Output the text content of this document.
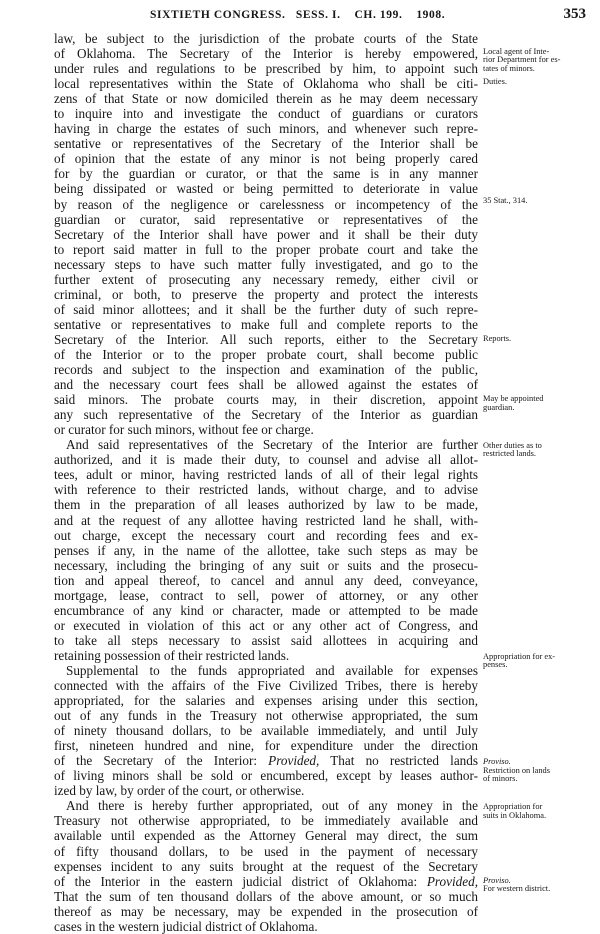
SIXTIETH CONGRESS.   SESS. I.    CH. 199.    1908.	353
law, be subject to the jurisdiction of the probate courts of the State
of Oklahoma. The Secretary of the Interior is hereby empowered,
under rules and regulations to be prescribed by him, to appoint such
local representatives within the State of Oklahoma who shall be citi-
zens of that State or now domiciled therein as he may deem necessary
to inquire into and investigate the conduct of guardians or curators
having in charge the estates of such minors, and whenever such repre-
sentative or representatives of the Secretary of the Interior shall be
of opinion that the estate of any minor is not being properly cared
for by the guardian or curator, or that the same is in any manner
being dissipated or wasted or being permitted to deteriorate in value
by reason of the negligence or carelessness or incompetency of the
guardian or curator, said representative or representatives of the
Secretary of the Interior shall have power and it shall be their duty
to report said matter in full to the proper probate court and take the
necessary steps to have such matter fully investigated, and go to the
further extent of prosecuting any necessary remedy, either civil or
criminal, or both, to preserve the property and protect the interests
of said minor allottees; and it shall be the further duty of such repre-
sentative or representatives to make full and complete reports to the
Secretary of the Interior. All such reports, either to the Secretary
of the Interior or to the proper probate court, shall become public
records and subject to the inspection and examination of the public,
and the necessary court fees shall be allowed against the estates of
said minors. The probate courts may, in their discretion, appoint
any such representative of the Secretary of the Interior as guardian
or curator for such minors, without fee or charge.
And said representatives of the Secretary of the Interior are further
authorized, and it is made their duty, to counsel and advise all allot-
tees, adult or minor, having restricted lands of all of their legal rights
with reference to their restricted lands, without charge, and to advise
them in the preparation of all leases authorized by law to be made,
and at the request of any allottee having restricted land he shall, with-
out charge, except the necessary court and recording fees and ex-
penses if any, in the name of the allottee, take such steps as may be
necessary, including the bringing of any suit or suits and the prosecu-
tion and appeal thereof, to cancel and annul any deed, conveyance,
mortgage, lease, contract to sell, power of attorney, or any other
encumbrance of any kind or character, made or attempted to be made
or executed in violation of this act or any other act of Congress, and
to take all steps necessary to assist said allottees in acquiring and
retaining possession of their restricted lands.
Supplemental to the funds appropriated and available for expenses
connected with the affairs of the Five Civilized Tribes, there is hereby
appropriated, for the salaries and expenses arising under this section,
out of any funds in the Treasury not otherwise appropriated, the sum
of ninety thousand dollars, to be available immediately, and until July
first, nineteen hundred and nine, for expenditure under the direction
of the Secretary of the Interior: Provided, That no restricted lands
of living minors shall be sold or encumbered, except by leases author-
ized by law, by order of the court, or otherwise.
And there is hereby further appropriated, out of any money in the
Treasury not otherwise appropriated, to be immediately available and
available until expended as the Attorney General may direct, the sum
of fifty thousand dollars, to be used in the payment of necessary
expenses incident to any suits brought at the request of the Secretary
of the Interior in the eastern judicial district of Oklahoma: Provided,
That the sum of ten thousand dollars of the above amount, or so much
thereof as may be necessary, may be expended in the prosecution of
cases in the western judicial district of Oklahoma.
Local agent of Inte-
rior Department for es-
tates of minors.
Duties.
35 Stat., 314.
Reports.
May be appointed
guardian.
Other duties as to
restricted lands.
Appropriation for ex-
penses.
Proviso.
Restriction on lands
of minors.
Appropriation for
suits in Oklahoma.
Proviso.
For western district.
